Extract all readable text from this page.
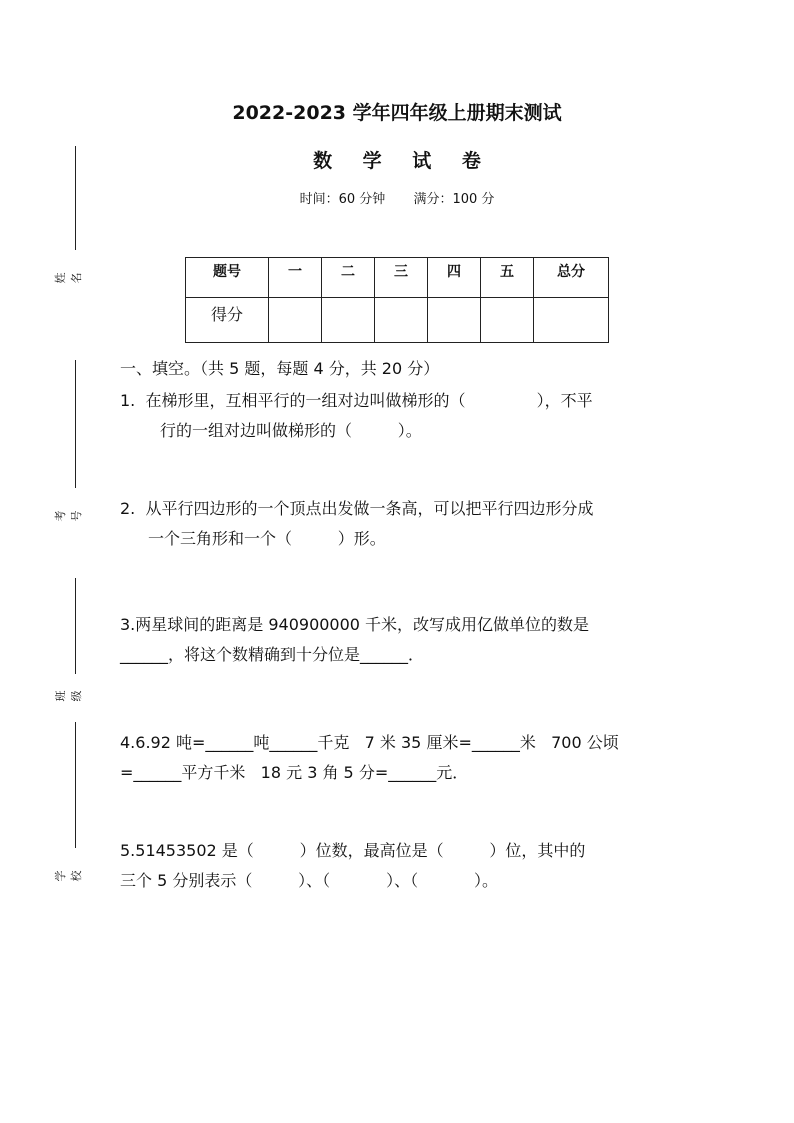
2022-2023 学年四年级上册期末测试
数 学 试 卷
时间：60 分钟 满分：100 分
姓名
考号
班级
学校
题号	一	二	三	四	五	总分
得分						
一、填空。（共 5 题，每题 4 分，共 20 分）
1.  在梯形里，互相平行的一组对边叫做梯形的（              ），不平
行的一组对边叫做梯形的（         ）。
2.  从平行四边形的一个顶点出发做一条高，可以把平行四边形分成
一个三角形和一个（         ）形。
3.两星球间的距离是 940900000 千米，改写成用亿做单位的数是
______，将这个数精确到十分位是______．
4.6.92 吨=______吨______千克   7 米 35 厘米=______米   700 公顷
=______平方千米   18 元 3 角 5 分=______元．
5.51453502 是（         ）位数，最高位是（         ）位，其中的
三个 5 分别表示（         ）、（           ）、（           ）。
